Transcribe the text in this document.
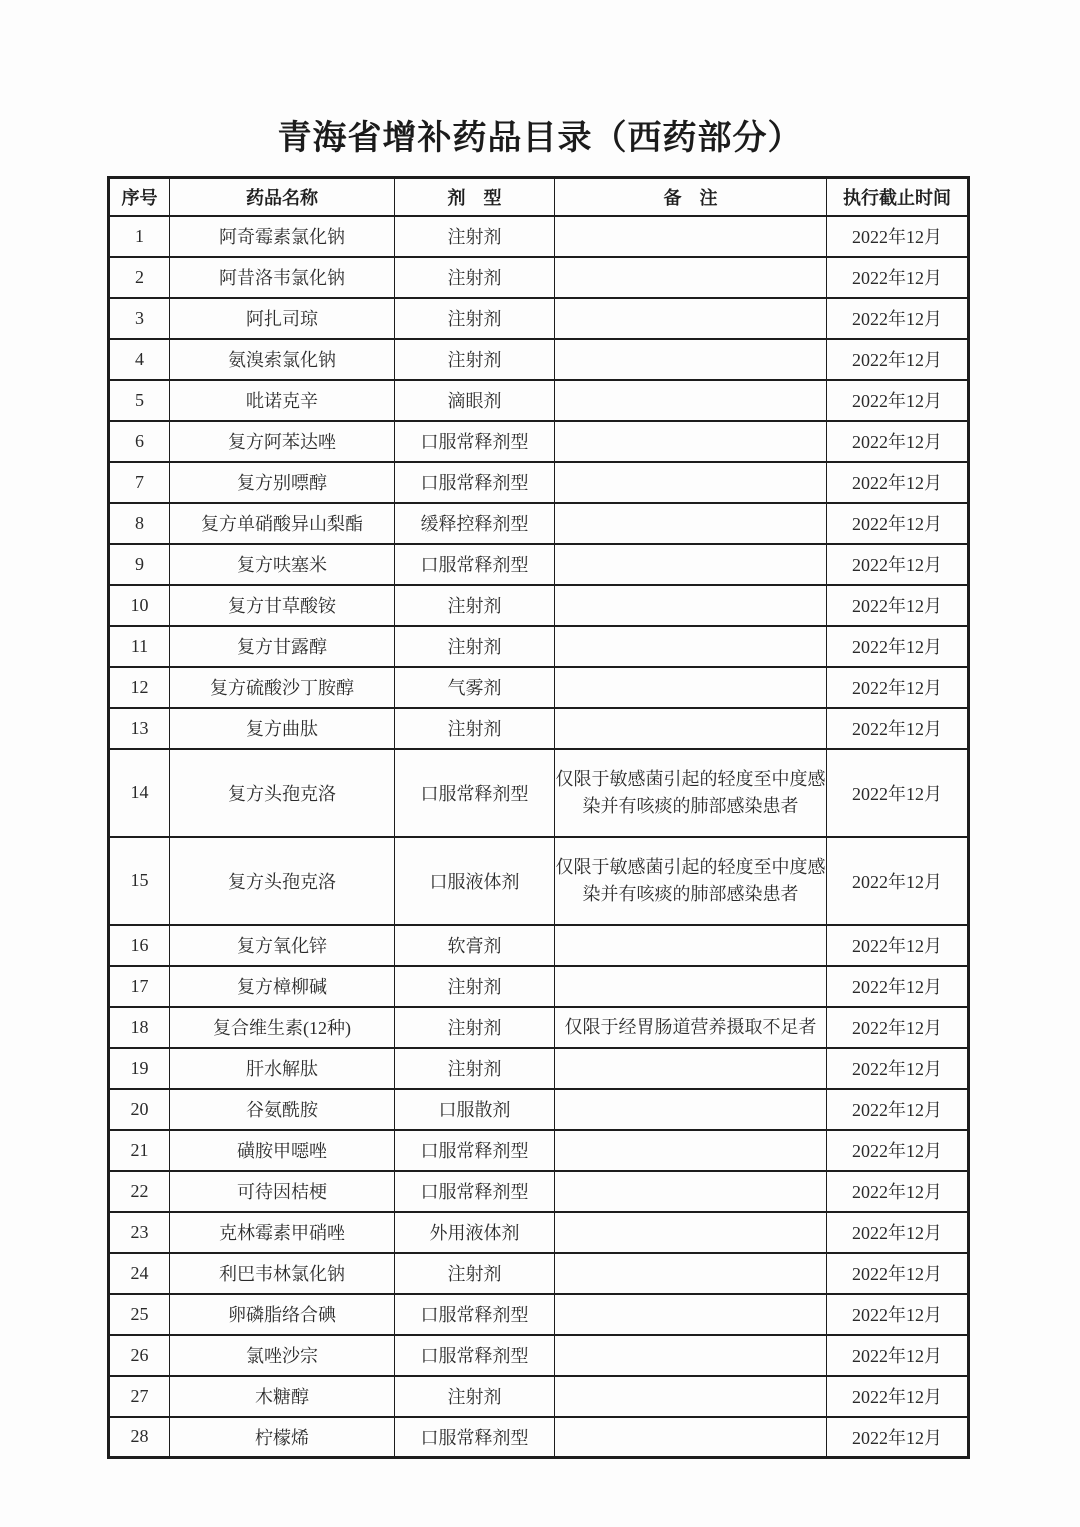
青海省增补药品目录（西药部分）
序号	药品名称	剂　型	备　注	执行截止时间
1	阿奇霉素氯化钠	注射剂		2022年12月
2	阿昔洛韦氯化钠	注射剂		2022年12月
3	阿扎司琼	注射剂		2022年12月
4	氨溴索氯化钠	注射剂		2022年12月
5	吡诺克辛	滴眼剂		2022年12月
6	复方阿苯达唑	口服常释剂型		2022年12月
7	复方别嘌醇	口服常释剂型		2022年12月
8	复方单硝酸异山梨酯	缓释控释剂型		2022年12月
9	复方呋塞米	口服常释剂型		2022年12月
10	复方甘草酸铵	注射剂		2022年12月
11	复方甘露醇	注射剂		2022年12月
12	复方硫酸沙丁胺醇	气雾剂		2022年12月
13	复方曲肽	注射剂		2022年12月
14	复方头孢克洛	口服常释剂型	仅限于敏感菌引起的轻度至中度感染并有咳痰的肺部感染患者	2022年12月
15	复方头孢克洛	口服液体剂	仅限于敏感菌引起的轻度至中度感染并有咳痰的肺部感染患者	2022年12月
16	复方氧化锌	软膏剂		2022年12月
17	复方樟柳碱	注射剂		2022年12月
18	复合维生素(12种)	注射剂	仅限于经胃肠道营养摄取不足者	2022年12月
19	肝水解肽	注射剂		2022年12月
20	谷氨酰胺	口服散剂		2022年12月
21	磺胺甲噁唑	口服常释剂型		2022年12月
22	可待因桔梗	口服常释剂型		2022年12月
23	克林霉素甲硝唑	外用液体剂		2022年12月
24	利巴韦林氯化钠	注射剂		2022年12月
25	卵磷脂络合碘	口服常释剂型		2022年12月
26	氯唑沙宗	口服常释剂型		2022年12月
27	木糖醇	注射剂		2022年12月
28	柠檬烯	口服常释剂型		2022年12月
